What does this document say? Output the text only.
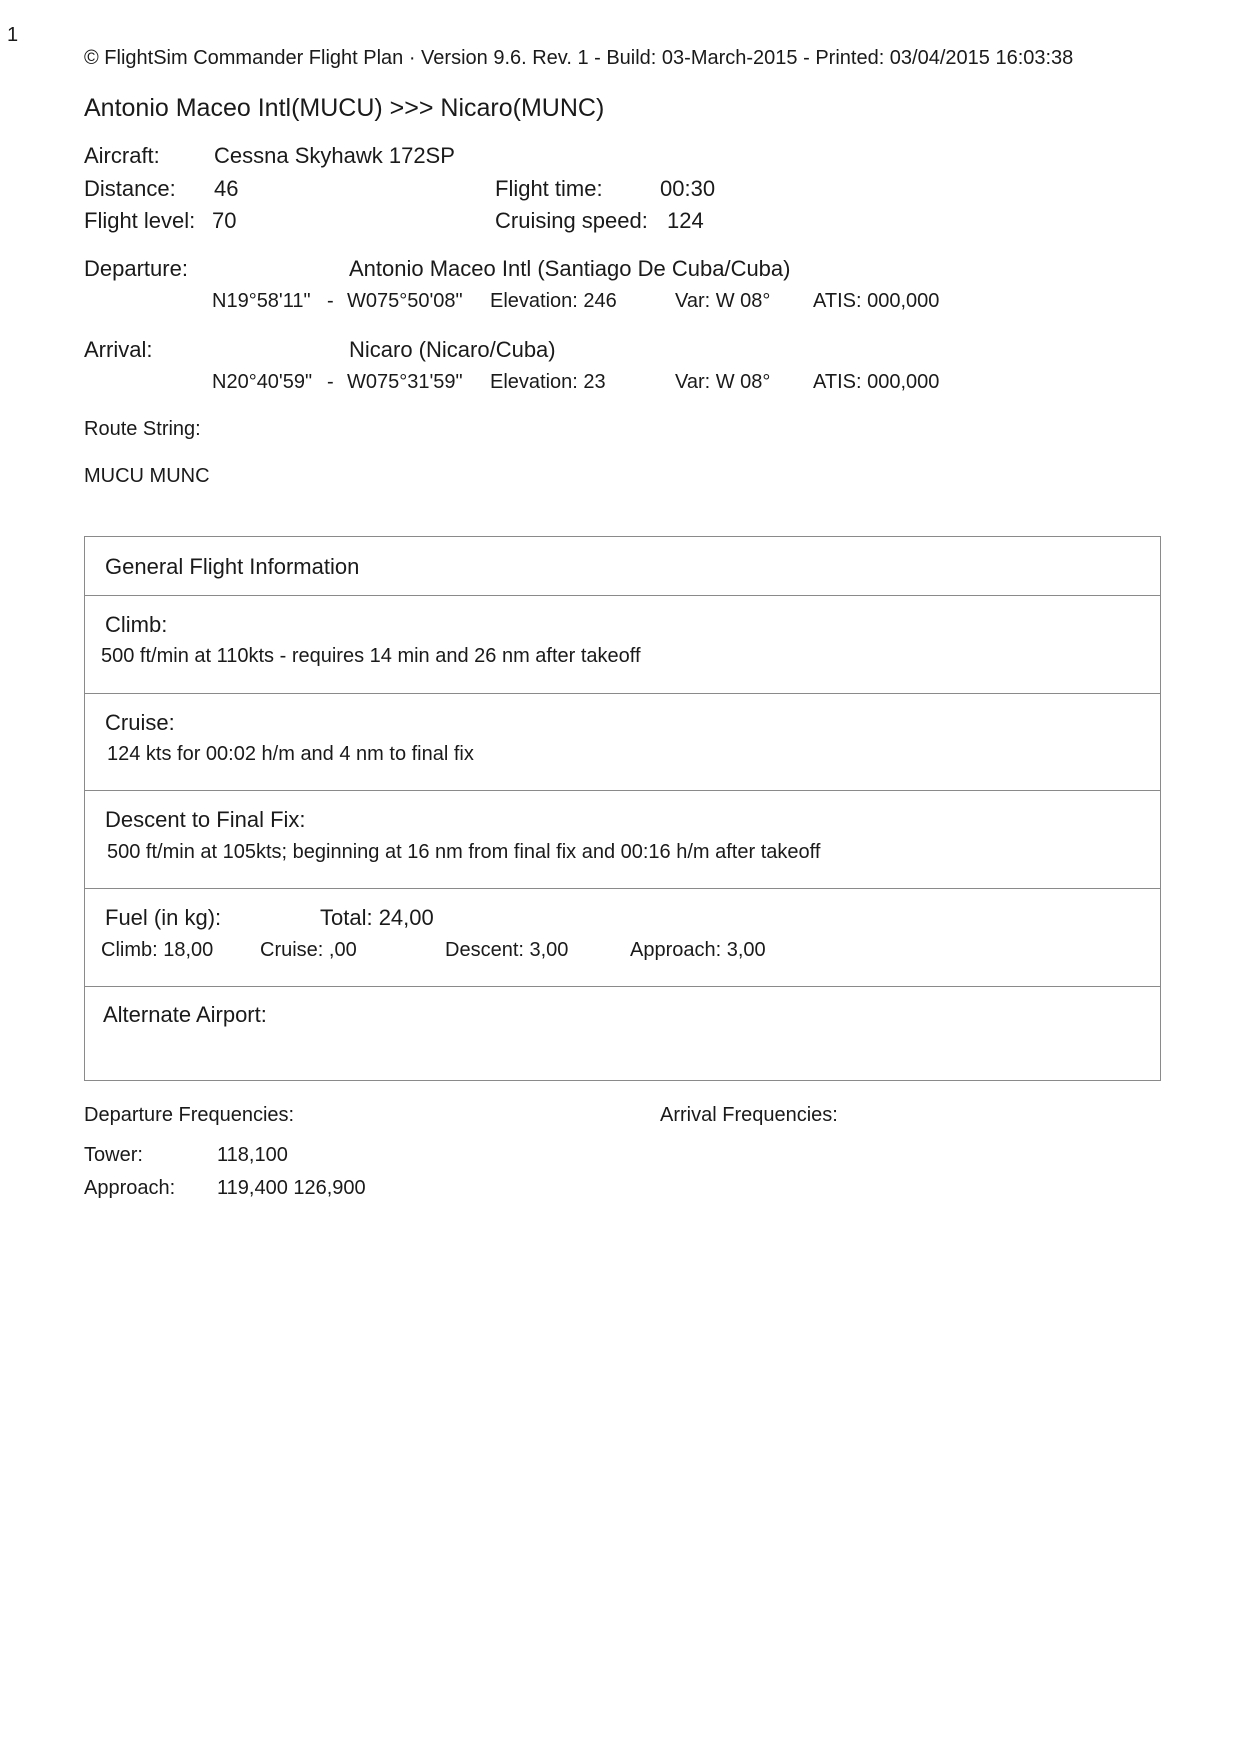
1
© FlightSim Commander Flight Plan · Version 9.6. Rev. 1 - Build: 03-March-2015 - Printed: 03/04/2015 16:03:38
Antonio Maceo Intl(MUCU) >>> Nicaro(MUNC)
Aircraft: Cessna Skyhawk 172SP
Distance: 46	Flight time:	00:30
Flight level: 70	Cruising speed: 124
Departure:	Antonio Maceo Intl (Santiago De Cuba/Cuba)
N19°58'11" - W075°50'08" Elevation: 246	Var: W 08° ATIS: 000,000
Arrival:	Nicaro (Nicaro/Cuba)
N20°40'59" - W075°31'59" Elevation: 23	Var: W 08° ATIS: 000,000
Route String:
MUCU MUNC
General Flight Information
Climb:
500 ft/min at 110kts - requires 14 min and 26 nm after takeoff
Cruise:
124 kts for 00:02 h/m and 4 nm to final fix
Descent to Final Fix:
500 ft/min at 105kts; beginning at 16 nm from final fix and 00:16 h/m after takeoff
Fuel (in kg):	Total: 24,00
Climb: 18,00 Cruise: ,00	Descent: 3,00	Approach: 3,00
Alternate Airport:
Departure Frequencies:	Arrival Frequencies:
Tower:	118,100
Approach: 119,400 126,900
